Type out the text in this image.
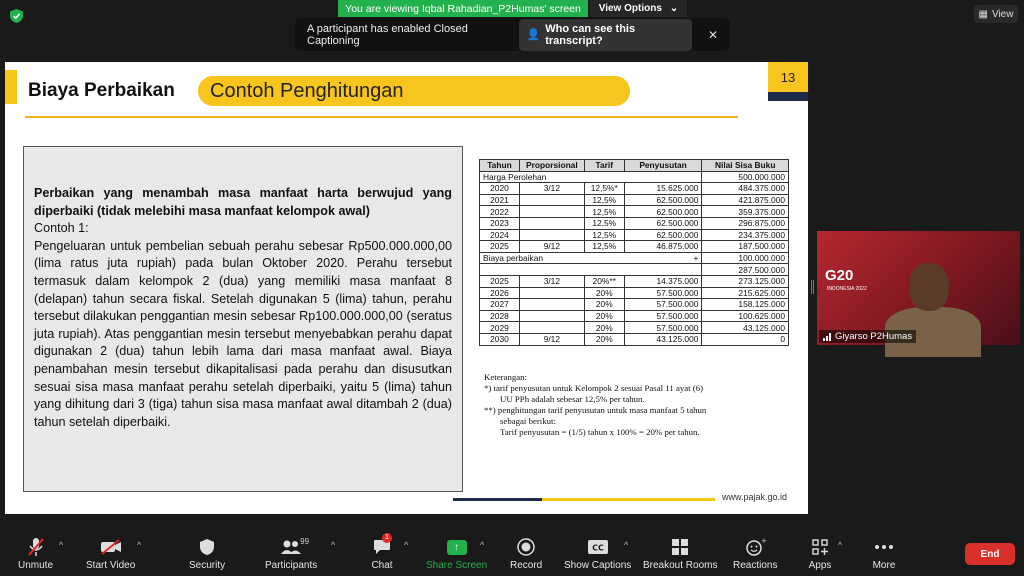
You are viewing Iqbal Rahadian_P2Humas' screen View Options ⌄	▦ View
A participant has enabled Closed Captioning	👤
Who can see this transcript?	✕
Biaya Perbaikan Contoh Penghitungan
13
Perbaikan yang menambah masa manfaat harta berwujud yang diperbaiki (tidak melebihi masa manfaat kelompok awal)
Contoh 1:
Pengeluaran untuk pembelian sebuah perahu sebesar Rp500.000.000,00 (lima ratus juta rupiah) pada bulan Oktober 2020. Perahu tersebut termasuk dalam kelompok 2 (dua) yang memiliki masa manfaat 8 (delapan) tahun secara fiskal. Setelah digunakan 5 (lima) tahun, perahu tersebut dilakukan penggantian mesin sebesar Rp100.000.000,00 (seratus juta rupiah). Atas penggantian mesin tersebut menyebabkan perahu dapat digunakan 2 (dua) tahun lebih lama dari masa manfaat awal. Biaya penambahan mesin tersebut dikapitalisasi pada perahu dan disusutkan sesuai sisa masa manfaat perahu setelah diperbaiki, yaitu 5 (lima) tahun yang dihitung dari 3 (tiga) tahun sisa masa manfaat awal ditambah 2 (dua) tahun setelah diperbaiki.
Tahun	Proporsional	Tarif	Penyusutan	Nilai Sisa Buku
Harga Perolehan				500.000.000
2020	3/12	12,5%*	15.625.000	484.375.000
2021		12,5%	62.500.000	421.875.000
2022		12,5%	62.500.000	359.375.000
2023		12,5%	62.500.000	296.875.000
2024		12,5%	62.500.000	234.375.000
2025	9/12	12,5%	46.875.000	187.500.000
Biaya perbaikan +				100.000.000
				287.500.000
2025	3/12	20%**	14.375.000	273.125.000
2026		20%	57.500.000	215.625.000
2027		20%	57.500.000	158.125.000
2028		20%	57.500.000	100.625.000
2029		20%	57.500.000	43.125.000
2030	9/12	20%	43.125.000	0
Keterangan:
*) tarif penyusutan untuk Kelompok 2 sesuai Pasal 11 ayat (6)
UU PPh adalah sebesar 12,5% per tahun.
**) penghitungan tarif penyusutan untuk masa manfaat 5 tahun
sebagai berikut:
Tarif penyusutan = (1/5) tahun x 100% = 20% per tahun.
www.pajak.go.id
G20
INDONESIA 2022
Giyarso P2Humas
Unmute
^
Start Video
^
Security
99
Participants
^
1
Chat
^	↑
Share Screen
^
Record
CC
Show Captions
^
Breakout Rooms
+
Reactions	Apps
^
More
End
